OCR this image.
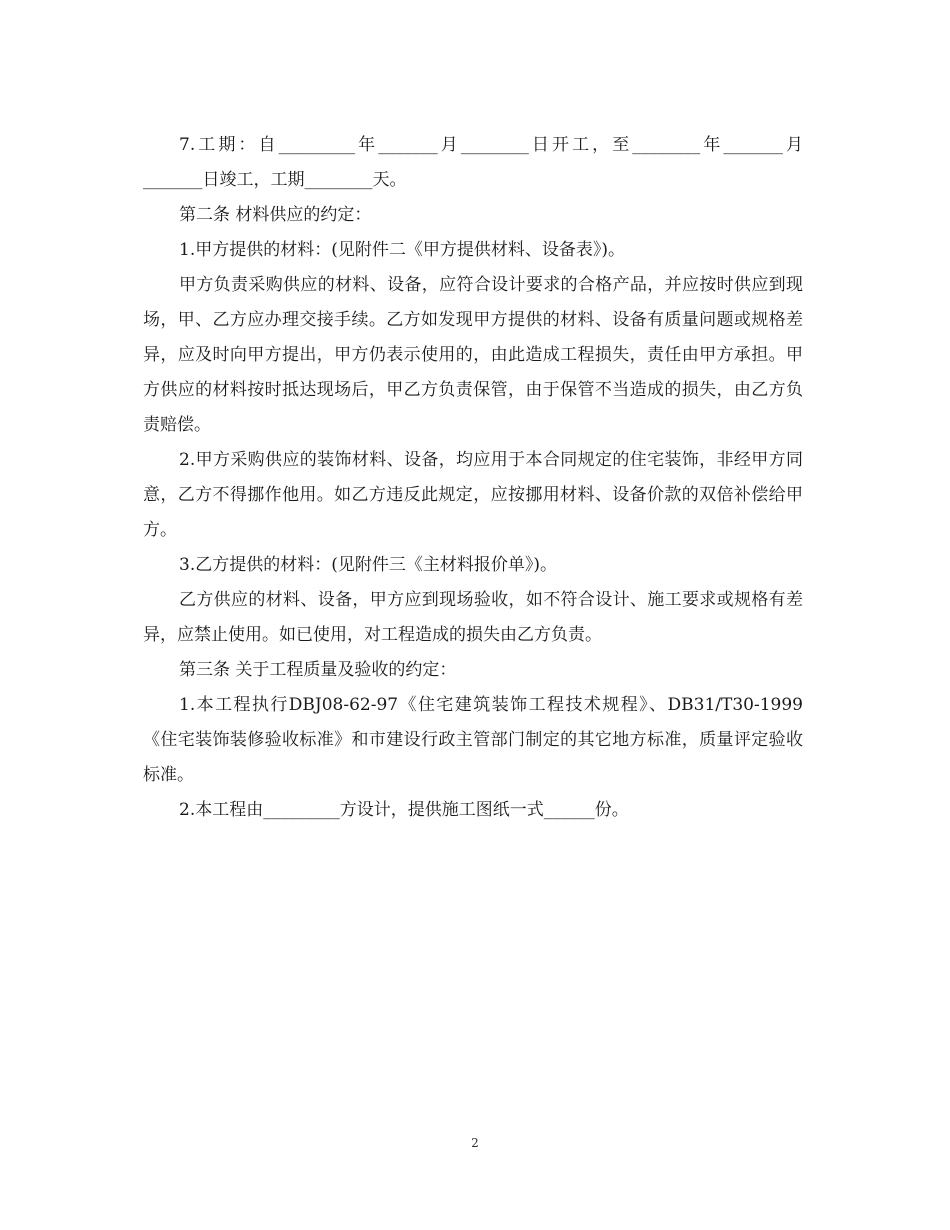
7.工期：自_________年_______月________日开工，至________年_______月_______日竣工，工期________天。

第二条 材料供应的约定：

1.甲方提供的材料：(见附件二《甲方提供材料、设备表》)。

甲方负责采购供应的材料、设备，应符合设计要求的合格产品，并应按时供应到现场，甲、乙方应办理交接手续。乙方如发现甲方提供的材料、设备有质量问题或规格差异，应及时向甲方提出，甲方仍表示使用的，由此造成工程损失，责任由甲方承担。甲方供应的材料按时抵达现场后，甲乙方负责保管，由于保管不当造成的损失，由乙方负责赔偿。

2.甲方采购供应的装饰材料、设备，均应用于本合同规定的住宅装饰，非经甲方同意，乙方不得挪作他用。如乙方违反此规定，应按挪用材料、设备价款的双倍补偿给甲方。

3.乙方提供的材料：(见附件三《主材料报价单》)。

乙方供应的材料、设备，甲方应到现场验收，如不符合设计、施工要求或规格有差异，应禁止使用。如已使用，对工程造成的损失由乙方负责。

第三条 关于工程质量及验收的约定：

1.本工程执行DBJ08-62-97《住宅建筑装饰工程技术规程》、DB31/T30-1999《住宅装饰装修验收标准》和市建设行政主管部门制定的其它地方标准，质量评定验收标准。

2.本工程由_________方设计，提供施工图纸一式______份。

2
